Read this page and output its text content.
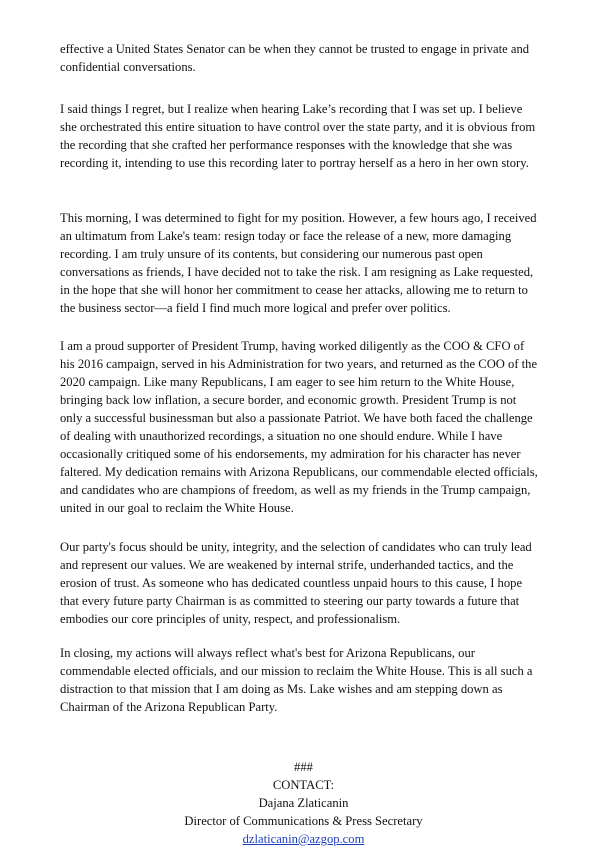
effective a United States Senator can be when they cannot be trusted to engage in private and
confidential conversations.

I said things I regret, but I realize when hearing Lake’s recording that I was set up. I believe
she orchestrated this entire situation to have control over the state party, and it is obvious from
the recording that she crafted her performance responses with the knowledge that she was
recording it, intending to use this recording later to portray herself as a hero in her own story.

This morning, I was determined to fight for my position. However, a few hours ago, I received
an ultimatum from Lake's team: resign today or face the release of a new, more damaging
recording. I am truly unsure of its contents, but considering our numerous past open
conversations as friends, I have decided not to take the risk. I am resigning as Lake requested,
in the hope that she will honor her commitment to cease her attacks, allowing me to return to
the business sector—a field I find much more logical and prefer over politics.

I am a proud supporter of President Trump, having worked diligently as the COO & CFO of
his 2016 campaign, served in his Administration for two years, and returned as the COO of the
2020 campaign. Like many Republicans, I am eager to see him return to the White House,
bringing back low inflation, a secure border, and economic growth. President Trump is not
only a successful businessman but also a passionate Patriot. We have both faced the challenge
of dealing with unauthorized recordings, a situation no one should endure. While I have
occasionally critiqued some of his endorsements, my admiration for his character has never
faltered. My dedication remains with Arizona Republicans, our commendable elected officials,
and candidates who are champions of freedom, as well as my friends in the Trump campaign,
united in our goal to reclaim the White House.

Our party's focus should be unity, integrity, and the selection of candidates who can truly lead
and represent our values. We are weakened by internal strife, underhanded tactics, and the
erosion of trust. As someone who has dedicated countless unpaid hours to this cause, I hope
that every future party Chairman is as committed to steering our party towards a future that
embodies our core principles of unity, respect, and professionalism.

In closing, my actions will always reflect what's best for Arizona Republicans, our
commendable elected officials, and our mission to reclaim the White House. This is all such a
distraction to that mission that I am doing as Ms. Lake wishes and am stepping down as
Chairman of the Arizona Republican Party.

###
CONTACT:
Dajana Zlaticanin
Director of Communications & Press Secretary
dzlaticanin@azgop.com
